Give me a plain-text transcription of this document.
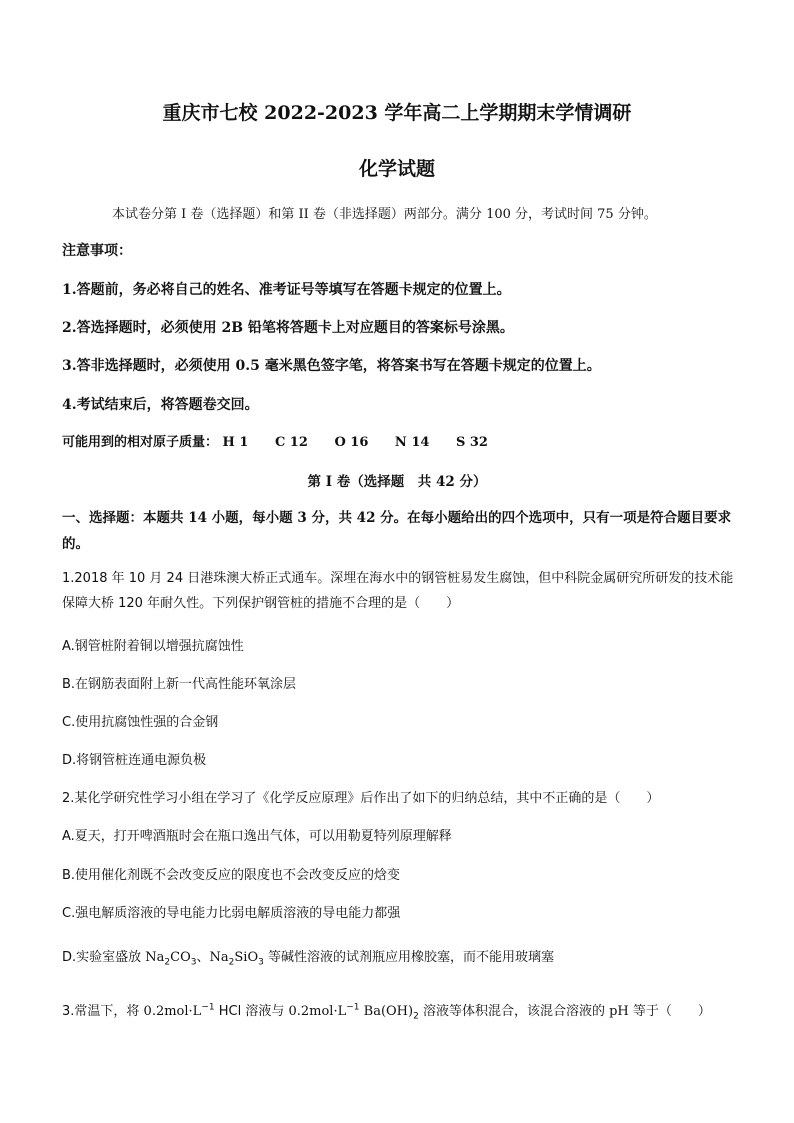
重庆市七校 2022-2023 学年高二上学期期末学情调研
化学试题
本试卷分第 I 卷（选择题）和第 II 卷（非选择题）两部分。满分 100 分，考试时间 75 分钟。
注意事项：
1.答题前，务必将自己的姓名、准考证号等填写在答题卡规定的位置上。
2.答选择题时，必须使用 2B 铅笔将答题卡上对应题目的答案标号涂黑。
3.答非选择题时，必须使用 0.5 毫米黑色签字笔，将答案书写在答题卡规定的位置上。
4.考试结束后，将答题卷交回。
可能用到的相对原子质量： H 1 C 12 O 16 N 14 S 32
第 I 卷（选择题　共 42 分）
一、选择题：本题共 14 小题，每小题 3 分，共 42 分。在每小题给出的四个选项中，只有一项是符合题目要求的。
1.2018 年 10 月 24 日港珠澳大桥正式通车。深埋在海水中的钢管桩易发生腐蚀，但中科院金属研究所研发的技术能保障大桥 120 年耐久性。下列保护钢管桩的措施不合理的是（　　）
A.钢管桩附着铜以增强抗腐蚀性
B.在钢筋表面附上新一代高性能环氧涂层
C.使用抗腐蚀性强的合金钢
D.将钢管桩连通电源负极
2.某化学研究性学习小组在学习了《化学反应原理》后作出了如下的归纳总结，其中不正确的是（　　）
A.夏天，打开啤酒瓶时会在瓶口逸出气体，可以用勒夏特列原理解释
B.使用催化剂既不会改变反应的限度也不会改变反应的焓变
C.强电解质溶液的导电能力比弱电解质溶液的导电能力都强
D.实验室盛放 $Na_2CO_3$、$Na_2SiO_3$ 等碱性溶液的试剂瓶应用橡胶塞，而不能用玻璃塞
3.常温下，将 $0.2mol\cdot L^{-1}$ HCl 溶液与 $0.2mol\cdot L^{-1}$ $Ba(OH)_2$ 溶液等体积混合，该混合溶液的 pH 等于（　　）
